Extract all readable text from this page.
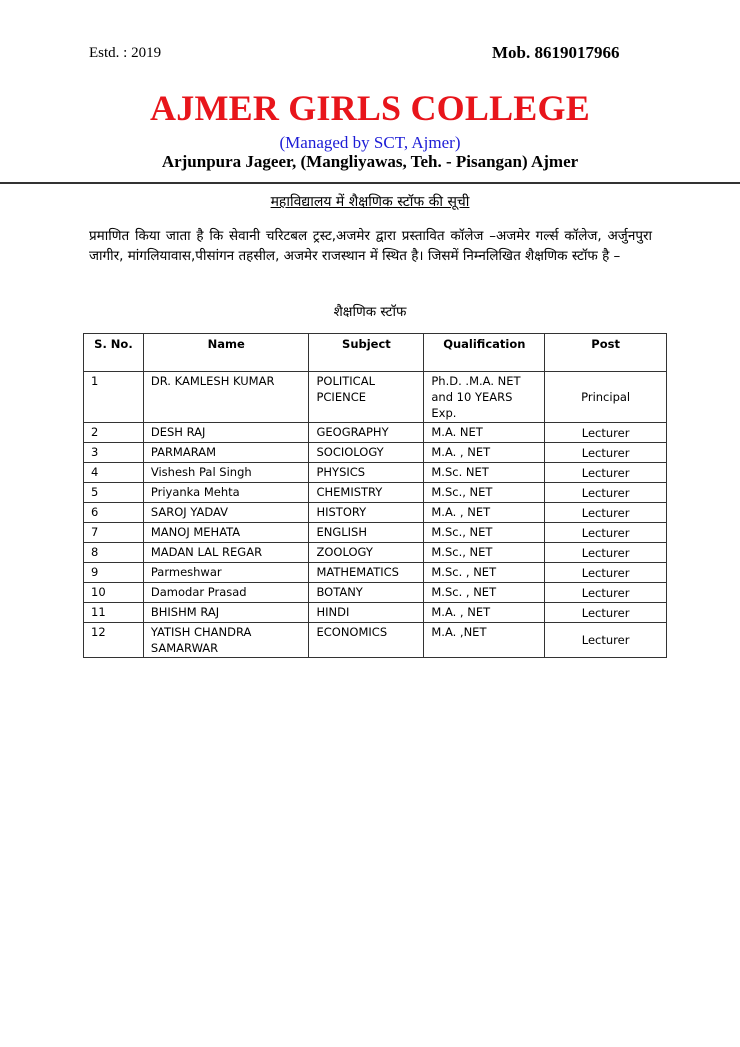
Estd. : 2019	Mob. 8619017966
AJMER GIRLS COLLEGE
(Managed by SCT, Ajmer)
Arjunpura Jageer, (Mangliyawas, Teh. - Pisangan) Ajmer
महाविद्यालय में शैक्षणिक स्टॉफ की सूची
प्रमाणित किया जाता है कि सेवानी चरिटबल ट्रस्ट,अजमेर द्वारा प्रस्तावित कॉलेज –अजमेर गर्ल्स कॉलेज, अर्जुनपुरा जागीर, मांगलियावास,पीसांगन तहसील, अजमेर राजस्थान में स्थित है। जिसमें निम्नलिखित शैक्षणिक स्टॉफ है –
शैक्षणिक स्टॉफ
S. No.	Name	Subject	Qualification	Post
1	DR. KAMLESH KUMAR	POLITICAL PCIENCE	Ph.D. .M.A. NET and 10 YEARS Exp.	Principal
2	DESH RAJ	GEOGRAPHY	M.A. NET	Lecturer
3	PARMARAM	SOCIOLOGY	M.A. , NET	Lecturer
4	Vishesh Pal Singh	PHYSICS	M.Sc. NET	Lecturer
5	Priyanka Mehta	CHEMISTRY	M.Sc., NET	Lecturer
6	SAROJ YADAV	HISTORY	M.A. , NET	Lecturer
7	MANOJ MEHATA	ENGLISH	M.Sc., NET	Lecturer
8	MADAN LAL REGAR	ZOOLOGY	M.Sc., NET	Lecturer
9	Parmeshwar	MATHEMATICS	M.Sc. , NET	Lecturer
10	Damodar Prasad	BOTANY	M.Sc. , NET	Lecturer
11	BHISHM RAJ	HINDI	M.A. , NET	Lecturer
12	YATISH CHANDRA SAMARWAR	ECONOMICS	M.A. ,NET	Lecturer
